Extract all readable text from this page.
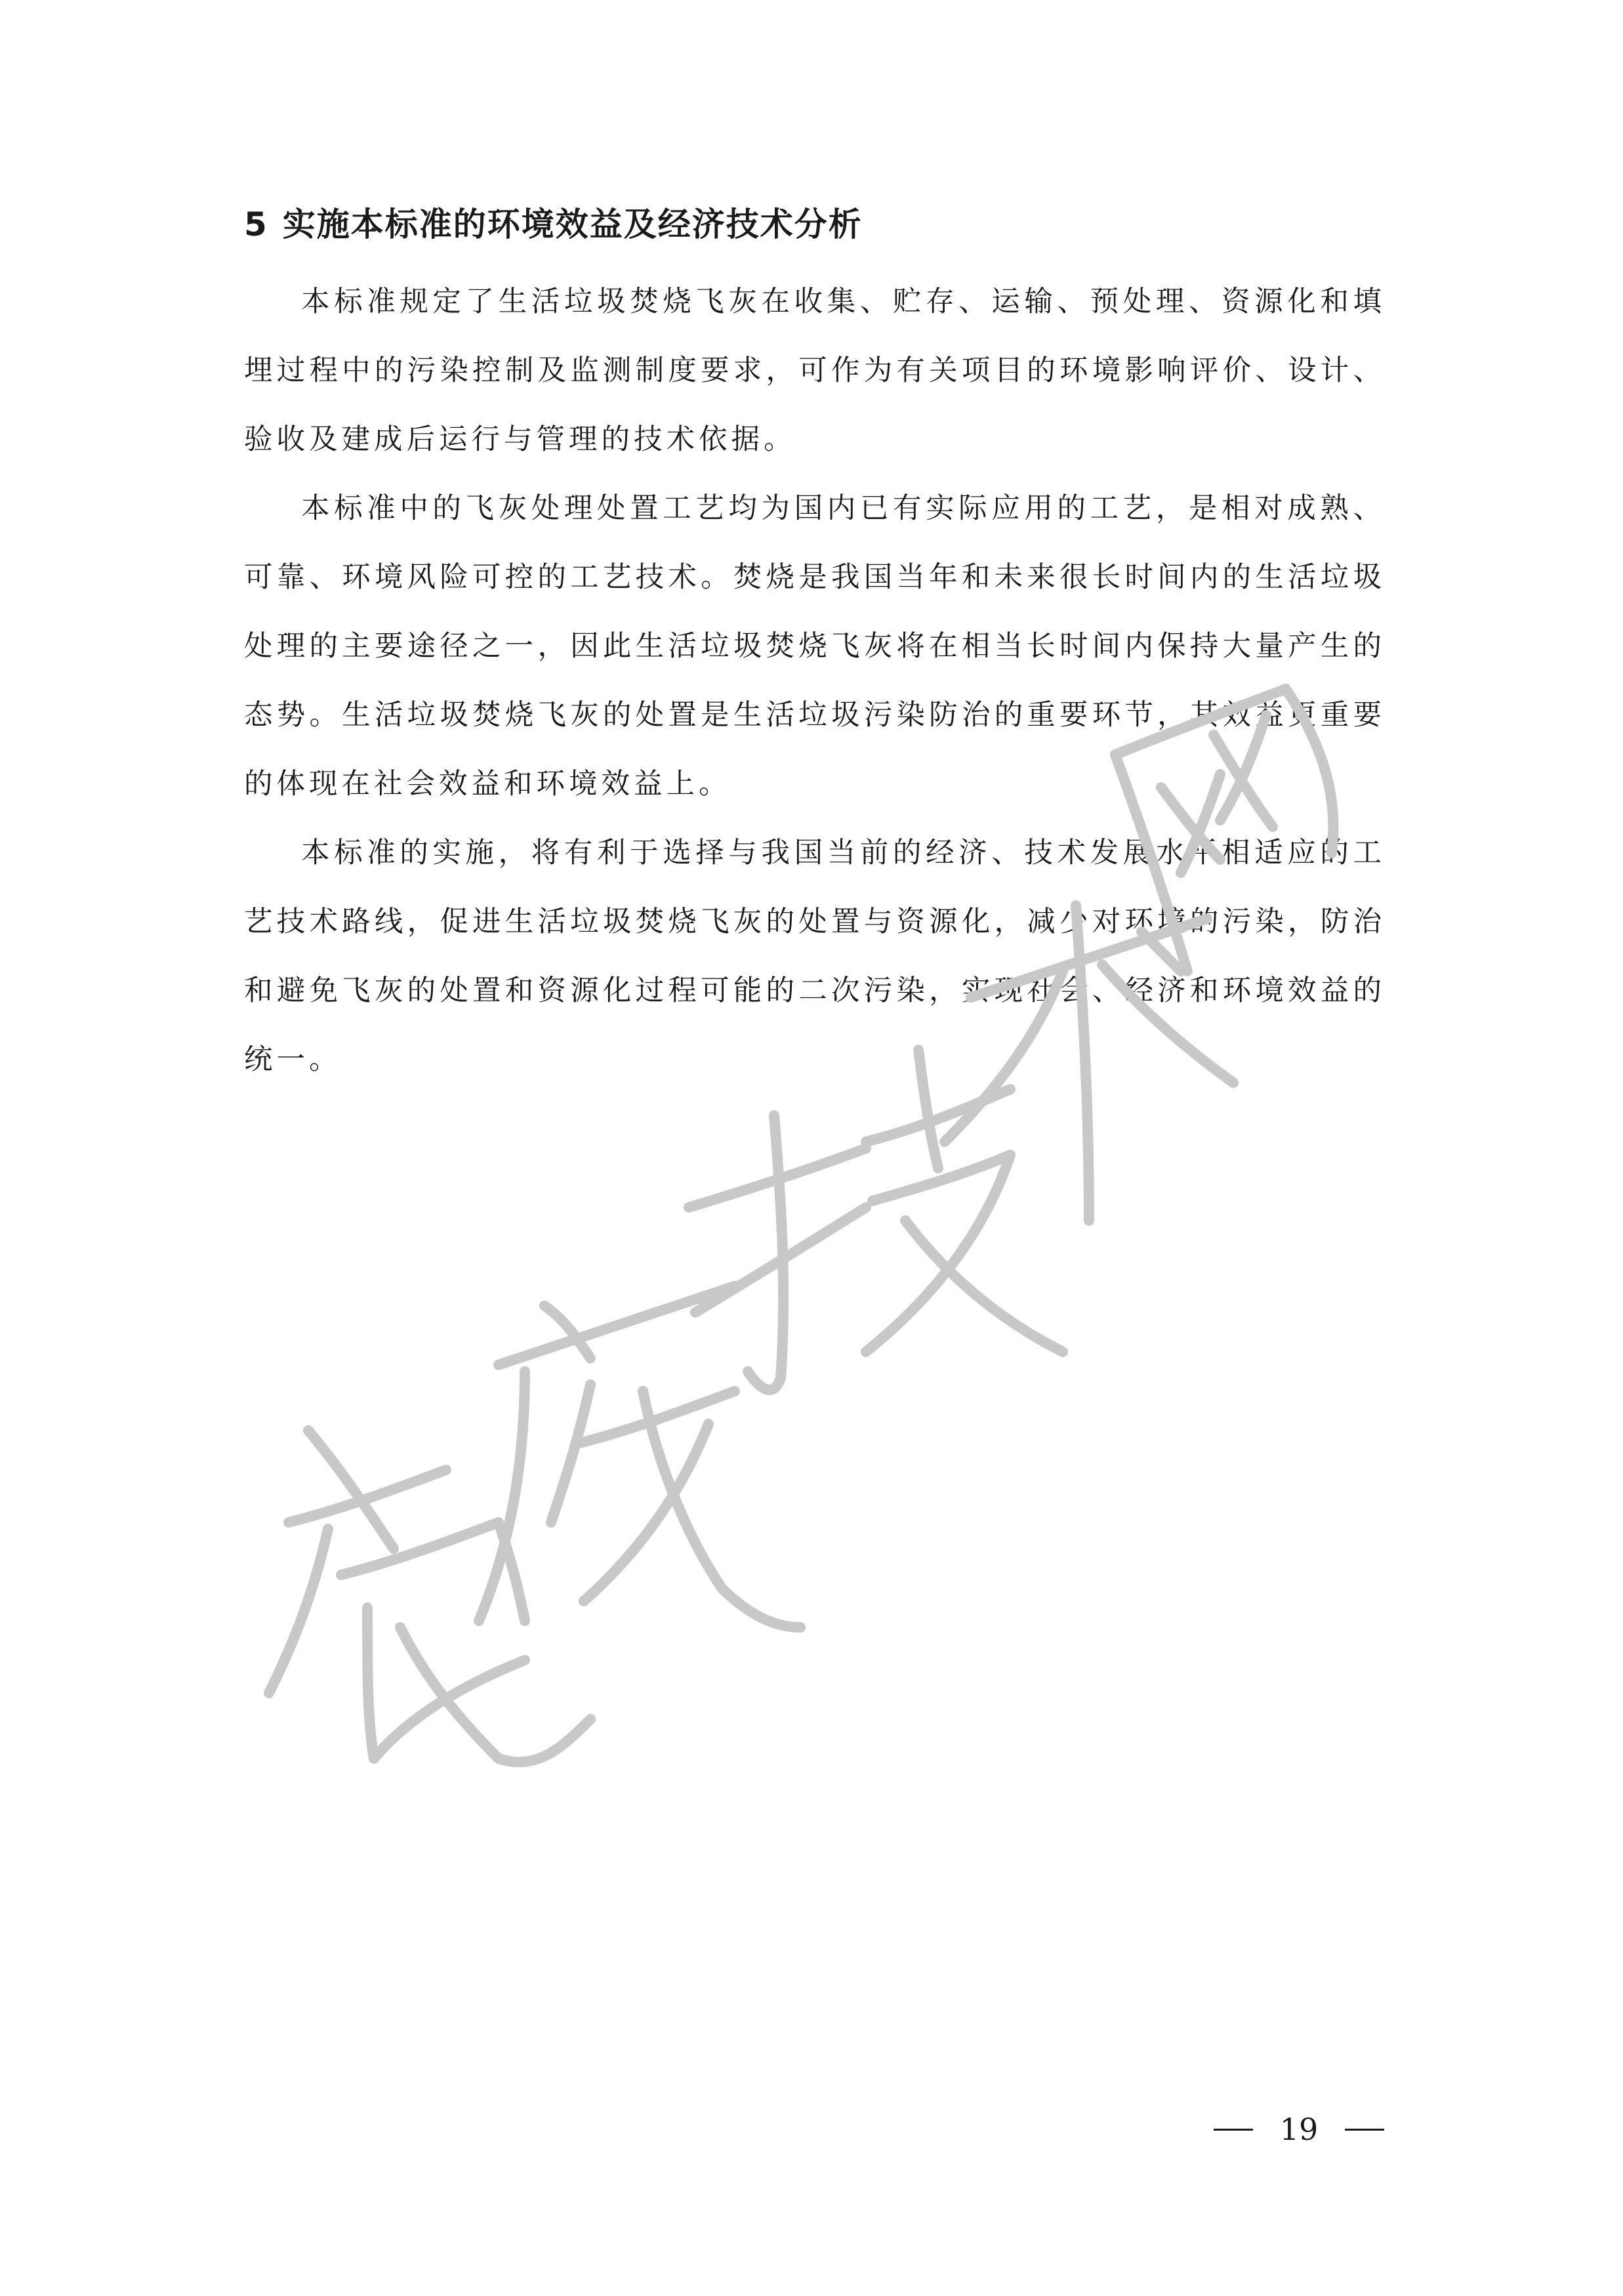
5 实施本标准的环境效益及经济技术分析

本标准规定了生活垃圾焚烧飞灰在收集、贮存、运输、预处理、资源化和填埋过程中的污染控制及监测制度要求，可作为有关项目的环境影响评价、设计、验收及建成后运行与管理的技术依据。

本标准中的飞灰处理处置工艺均为国内已有实际应用的工艺，是相对成熟、可靠、环境风险可控的工艺技术。焚烧是我国当年和未来很长时间内的生活垃圾处理的主要途径之一，因此生活垃圾焚烧飞灰将在相当长时间内保持大量产生的态势。生活垃圾焚烧飞灰的处置是生活垃圾污染防治的重要环节，其效益更重要的体现在社会效益和环境效益上。

本标准的实施，将有利于选择与我国当前的经济、技术发展水平相适应的工艺技术路线，促进生活垃圾焚烧飞灰的处置与资源化，减少对环境的污染，防治和避免飞灰的处置和资源化过程可能的二次污染，实现社会、经济和环境效益的统一。

19
